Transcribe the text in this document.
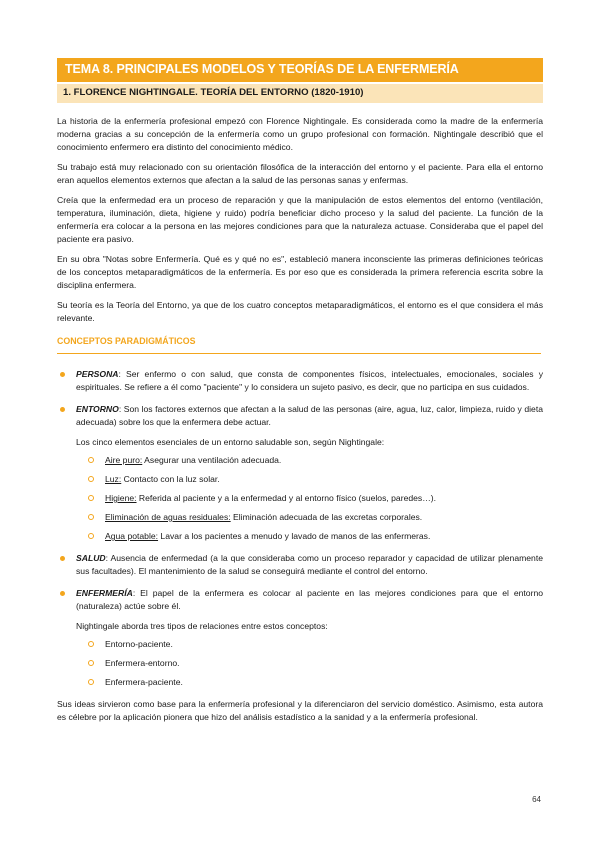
TEMA 8. PRINCIPALES MODELOS Y TEORÍAS DE LA ENFERMERÍA
1. FLORENCE NIGHTINGALE. TEORÍA DEL ENTORNO (1820-1910)

La historia de la enfermería profesional empezó con Florence Nightingale. Es considerada como la madre de la enfermería moderna gracias a su concepción de la enfermería como un grupo profesional con formación. Nightingale describió que el conocimiento enfermero era distinto del conocimiento médico.

Su trabajo está muy relacionado con su orientación filosófica de la interacción del entorno y el paciente. Para ella el entorno eran aquellos elementos externos que afectan a la salud de las personas sanas y enfermas.

Creía que la enfermedad era un proceso de reparación y que la manipulación de estos elementos del entorno (ventilación, temperatura, iluminación, dieta, higiene y ruido) podría beneficiar dicho proceso y la salud del paciente. La función de la enfermería era colocar a la persona en las mejores condiciones para que la naturaleza actuase. Consideraba que el papel del paciente era pasivo.

En su obra "Notas sobre Enfermería. Qué es y qué no es", estableció manera inconsciente las primeras definiciones teóricas de los conceptos metaparadigmáticos de la enfermería. Es por eso que es considerada la primera referencia escrita sobre la disciplina enfermera.

Su teoría es la Teoría del Entorno, ya que de los cuatro conceptos metaparadigmáticos, el entorno es el que considera el más relevante.

CONCEPTOS PARADIGMÁTICOS
PERSONA: Ser enfermo o con salud, que consta de componentes físicos, intelectuales, emocionales, sociales y espirituales. Se refiere a él como "paciente" y lo considera un sujeto pasivo, es decir, que no participa en sus cuidados.
ENTORNO: Son los factores externos que afectan a la salud de las personas (aire, agua, luz, calor, limpieza, ruido y dieta adecuada) sobre los que la enfermera debe actuar.
Los cinco elementos esenciales de un entorno saludable son, según Nightingale:
Aire puro: Asegurar una ventilación adecuada.
Luz: Contacto con la luz solar.
Higiene: Referida al paciente y a la enfermedad y al entorno físico (suelos, paredes…).
Eliminación de aguas residuales: Eliminación adecuada de las excretas corporales.
Agua potable: Lavar a los pacientes a menudo y lavado de manos de las enfermeras.
SALUD: Ausencia de enfermedad (a la que consideraba como un proceso reparador y capacidad de utilizar plenamente sus facultades). El mantenimiento de la salud se conseguirá mediante el control del entorno.
ENFERMERÍA: El papel de la enfermera es colocar al paciente en las mejores condiciones para que el entorno (naturaleza) actúe sobre él.
Nightingale aborda tres tipos de relaciones entre estos conceptos:
Entorno-paciente.
Enfermera-entorno.
Enfermera-paciente.

Sus ideas sirvieron como base para la enfermería profesional y la diferenciaron del servicio doméstico. Asimismo, esta autora es célebre por la aplicación pionera que hizo del análisis estadístico a la sanidad y a la enfermería profesional.

64
